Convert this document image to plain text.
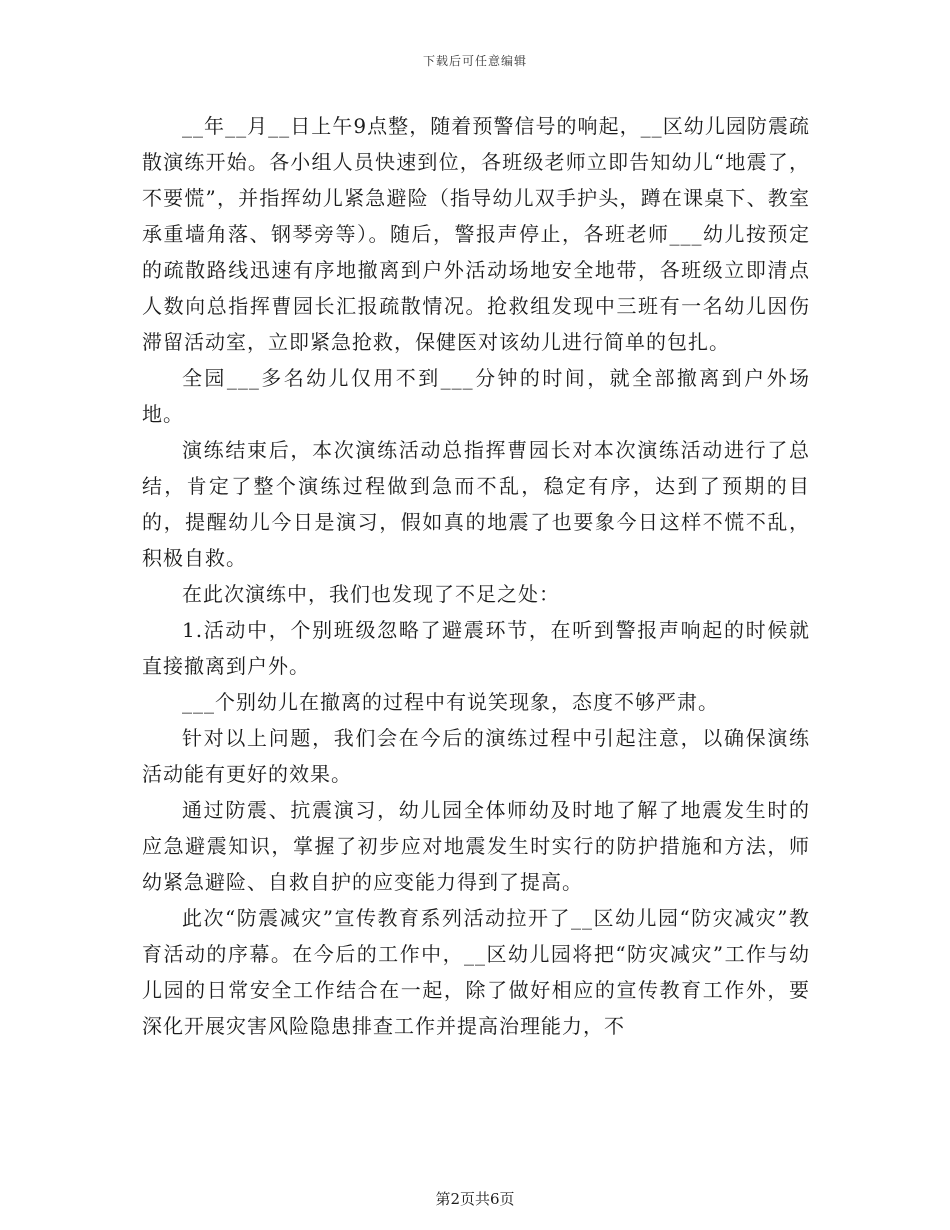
下载后可任意编辑

__年__月__日上午9点整，随着预警信号的响起，__区幼儿园防震疏散演练开始。各小组人员快速到位，各班级老师立即告知幼儿“地震了，不要慌”，并指挥幼儿紧急避险（指导幼儿双手护头，蹲在课桌下、教室承重墙角落、钢琴旁等）。随后，警报声停止，各班老师___幼儿按预定的疏散路线迅速有序地撤离到户外活动场地安全地带，各班级立即清点人数向总指挥曹园长汇报疏散情况。抢救组发现中三班有一名幼儿因伤滞留活动室，立即紧急抢救，保健医对该幼儿进行简单的包扎。

全园___多名幼儿仅用不到___分钟的时间，就全部撤离到户外场地。

演练结束后，本次演练活动总指挥曹园长对本次演练活动进行了总结，肯定了整个演练过程做到急而不乱，稳定有序，达到了预期的目的，提醒幼儿今日是演习，假如真的地震了也要象今日这样不慌不乱，积极自救。

在此次演练中，我们也发现了不足之处：

1.活动中，个别班级忽略了避震环节，在听到警报声响起的时候就直接撤离到户外。

___个别幼儿在撤离的过程中有说笑现象，态度不够严肃。

针对以上问题，我们会在今后的演练过程中引起注意，以确保演练活动能有更好的效果。

通过防震、抗震演习，幼儿园全体师幼及时地了解了地震发生时的应急避震知识，掌握了初步应对地震发生时实行的防护措施和方法，师幼紧急避险、自救自护的应变能力得到了提高。

此次“防震减灾”宣传教育系列活动拉开了__区幼儿园“防灾减灾”教育活动的序幕。在今后的工作中，__区幼儿园将把“防灾减灾”工作与幼儿园的日常安全工作结合在一起，除了做好相应的宣传教育工作外，要深化开展灾害风险隐患排查工作并提高治理能力，不

第2页共6页
